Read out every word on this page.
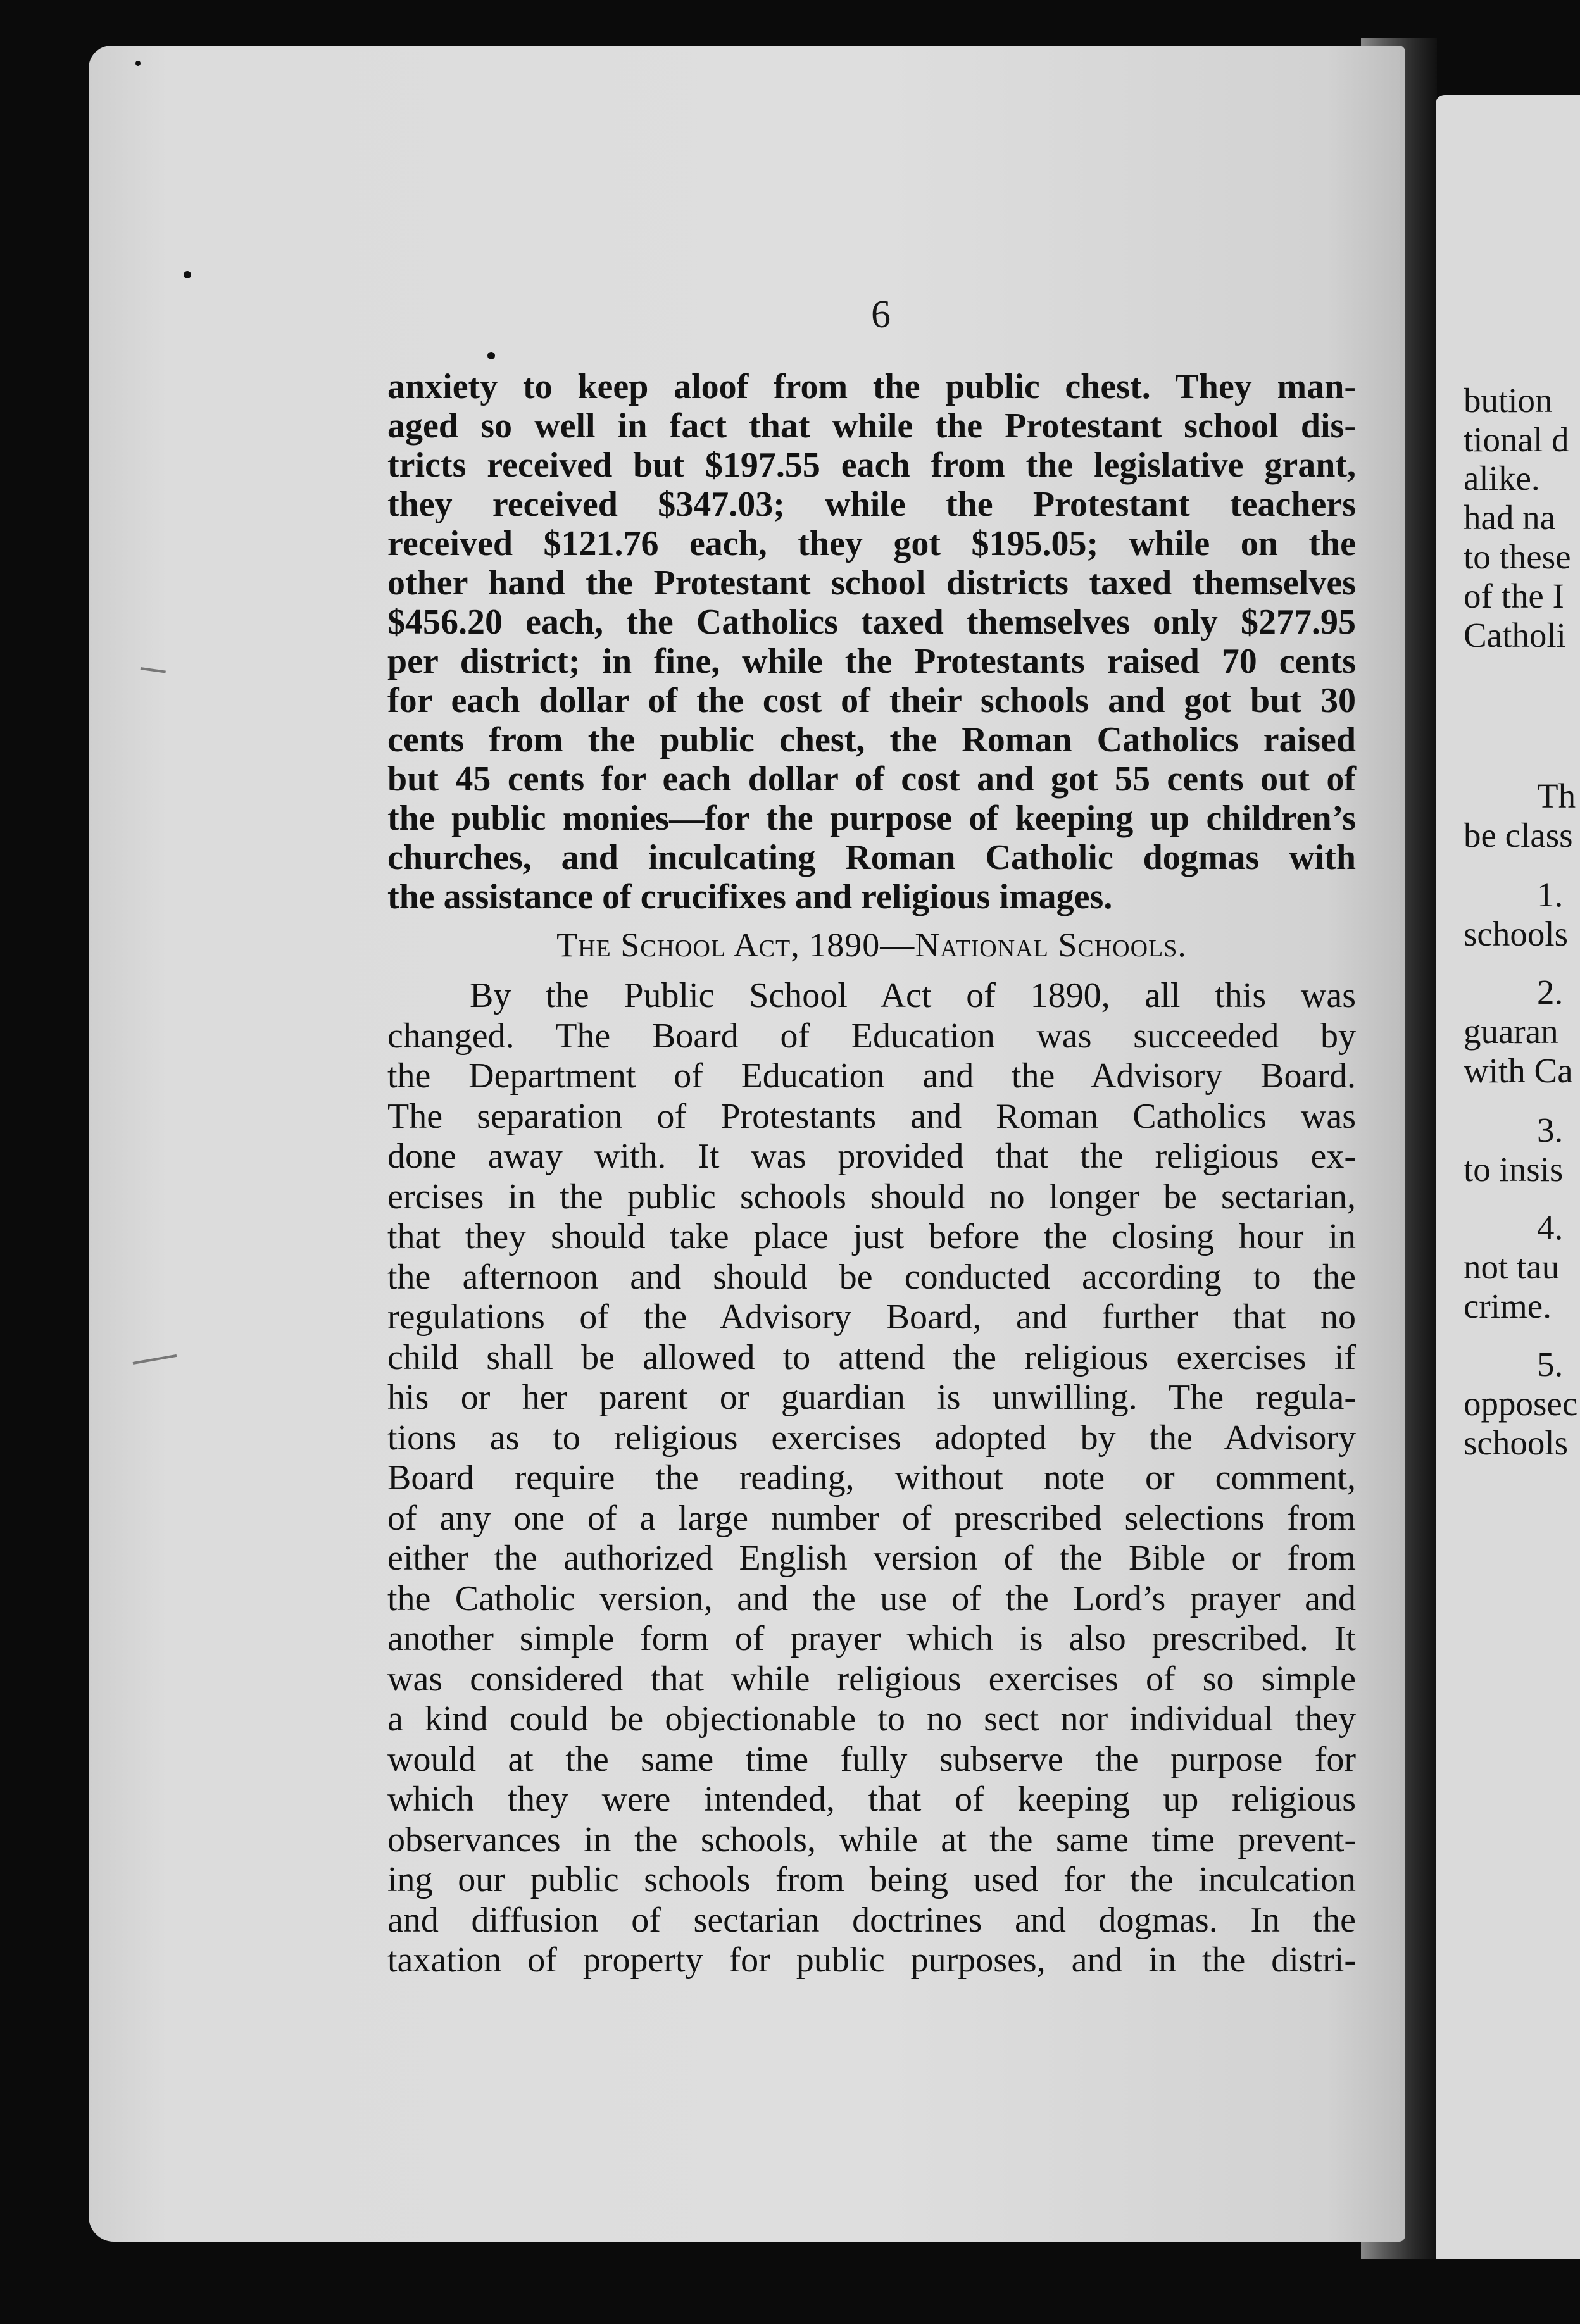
bution
tional d
alike.
had na
to these
of the I
Catholi
Th
be class
1.
schools
2.
guaran
with Ca
3.
to insis
4.
not tau
crime.
5.
opposec
schools
6
anxiety to keep aloof from the public chest. They man-
aged so well in fact that while the Protestant school dis-
tricts received but $197.55 each from the legislative grant,
they received $347.03; while the Protestant teachers
received $121.76 each, they got $195.05; while on the
other hand the Protestant school districts taxed themselves
$456.20 each, the Catholics taxed themselves only $277.95
per district; in fine, while the Protestants raised 70 cents
for each dollar of the cost of their schools and got but 30
cents from the public chest, the Roman Catholics raised
but 45 cents for each dollar of cost and got 55 cents out of
the public monies—for the purpose of keeping up children’s
churches, and inculcating Roman Catholic dogmas with
the assistance of crucifixes and religious images.
The School Act, 1890—National Schools.
By the Public School Act of 1890, all this was
changed. The Board of Education was succeeded by
the Department of Education and the Advisory Board.
The separation of Protestants and Roman Catholics was
done away with. It was provided that the religious ex-
ercises in the public schools should no longer be sectarian,
that they should take place just before the closing hour in
the afternoon and should be conducted according to the
regulations of the Advisory Board, and further that no
child shall be allowed to attend the religious exercises if
his or her parent or guardian is unwilling. The regula-
tions as to religious exercises adopted by the Advisory
Board require the reading, without note or comment,
of any one of a large number of prescribed selections from
either the authorized English version of the Bible or from
the Catholic version, and the use of the Lord’s prayer and
another simple form of prayer which is also prescribed. It
was considered that while religious exercises of so simple
a kind could be objectionable to no sect nor individual they
would at the same time fully subserve the purpose for
which they were intended, that of keeping up religious
observances in the schools, while at the same time prevent-
ing our public schools from being used for the inculcation
and diffusion of sectarian doctrines and dogmas. In the
taxation of property for public purposes, and in the distri-
